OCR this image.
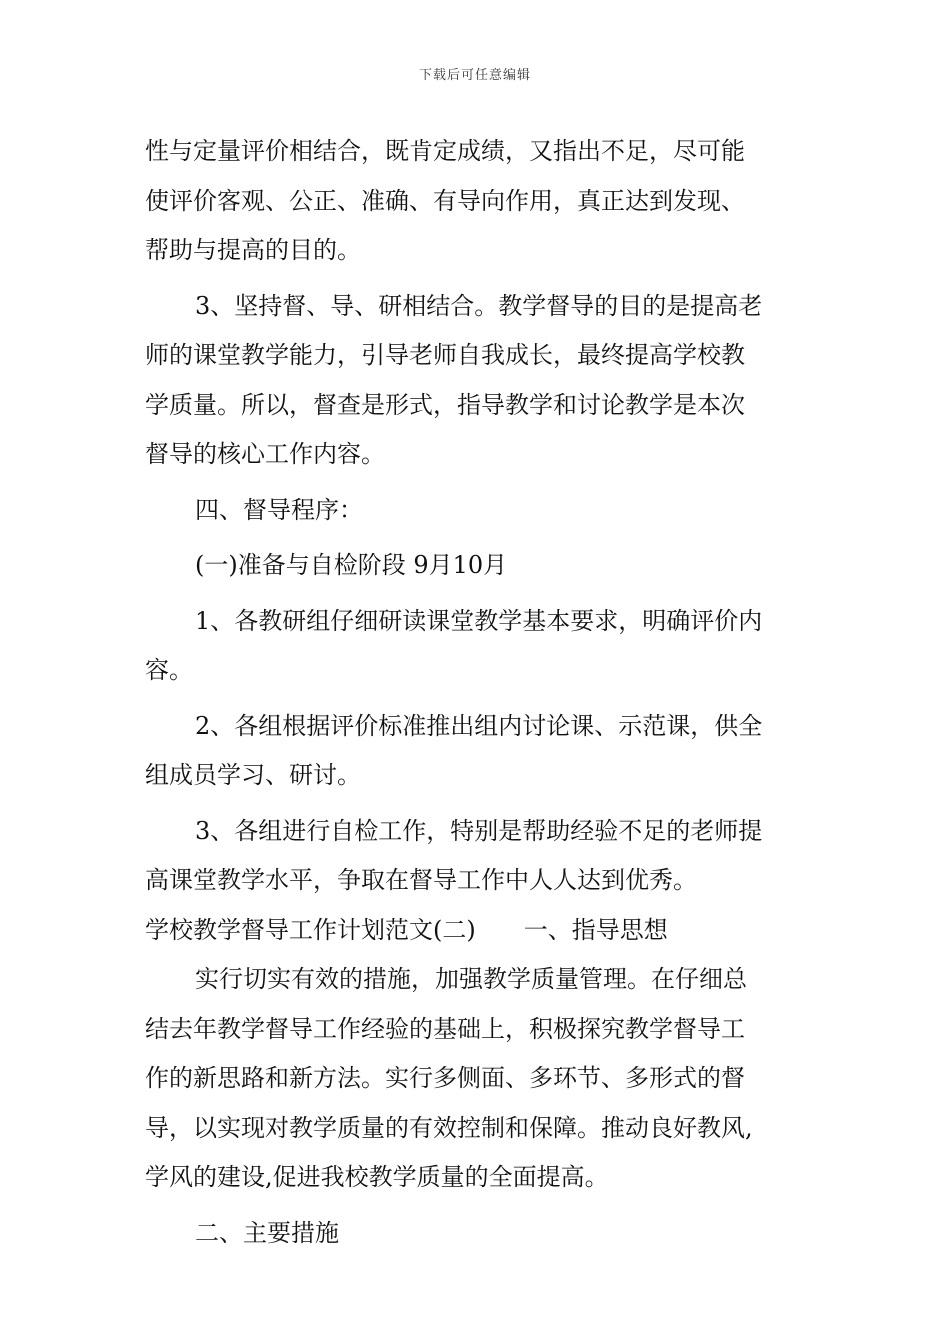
下载后可任意编辑
性与定量评价相结合，既肯定成绩，又指出不足，尽可能
使评价客观、公正、准确、有导向作用，真正达到发现、
帮助与提高的目的。
3、坚持督、导、研相结合。教学督导的目的是提高老
师的课堂教学能力，引导老师自我成长，最终提高学校教
学质量。所以，督查是形式，指导教学和讨论教学是本次
督导的核心工作内容。
四、督导程序：
(一)准备与自检阶段 9月10月
1、各教研组仔细研读课堂教学基本要求，明确评价内
容。
2、各组根据评价标准推出组内讨论课、示范课，供全
组成员学习、研讨。
3、各组进行自检工作，特别是帮助经验不足的老师提
高课堂教学水平，争取在督导工作中人人达到优秀。
学校教学督导工作计划范文(二) 一、指导思想
实行切实有效的措施，加强教学质量管理。在仔细总
结去年教学督导工作经验的基础上，积极探究教学督导工
作的新思路和新方法。实行多侧面、多环节、多形式的督
导，以实现对教学质量的有效控制和保障。推动良好教风,
学风的建设,促进我校教学质量的全面提高。
二、主要措施
